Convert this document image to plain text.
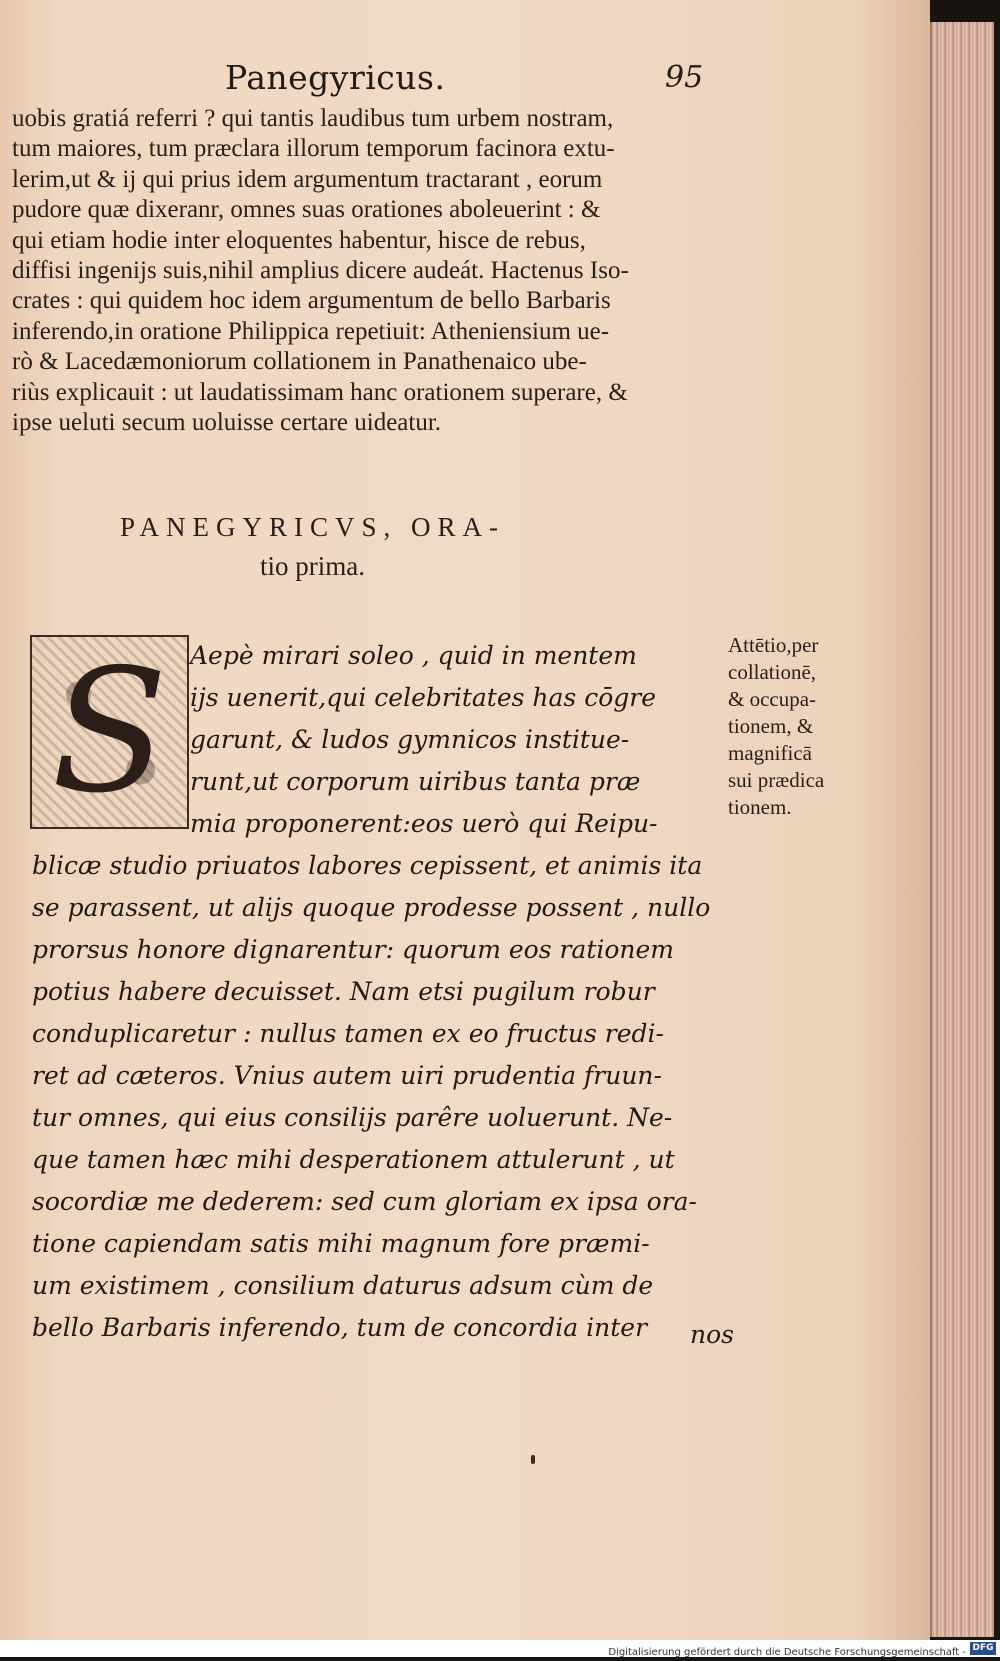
Panegyricus.	95
uobis gratiá referri ? qui tantis laudibus tum urbem nostram,
tum maiores, tum præclara illorum temporum facinora extu-
lerim,ut & ij qui prius idem argumentum tractarant , eorum
pudore quæ dixeranr, omnes suas orationes aboleuerint : &
qui etiam hodie inter eloquentes habentur, hisce de rebus,
diffisi ingenijs suis,nihil amplius dicere audeát. Hactenus Iso-
crates : qui quidem hoc idem argumentum de bello Barbaris
inferendo,in oratione Philippica repetiuit: Atheniensium ue-
rò & Lacedæmoniorum collationem in Panathenaico ube-
riùs explicauit : ut laudatissimam hanc orationem superare, &
ipse ueluti secum uoluisse certare uideatur.
PANEGYRICVS, ORA-
tio prima.
S Aepè mirari soleo , quid in mentem
ijs uenerit,qui celebritates has cōgre
garunt, & ludos gymnicos institue-
runt,ut corporum uiribus tanta præ
mia proponerent:eos uerò qui Reipu-
blicæ studio priuatos labores cepissent, et animis ita
se parassent, ut alijs quoque prodesse possent , nullo
prorsus honore dignarentur: quorum eos rationem
potius habere decuisset. Nam etsi pugilum robur
conduplicaretur : nullus tamen ex eo fructus redi-
ret ad cæteros. Vnius autem uiri prudentia fruun-
tur omnes, qui eius consilijs parêre uoluerunt. Ne-
que tamen hæc mihi desperationem attulerunt , ut
socordiæ me dederem: sed cum gloriam ex ipsa ora-
tione capiendam satis mihi magnum fore præmi-
um existimem , consilium daturus adsum cùm de
bello Barbaris inferendo, tum de concordia inter	nos
Attētio,per
collationē,
& occupa-
tionem, &
magnificā
sui prædica
tionem.
Digitalisierung gefördert durch die Deutsche Forschungsgemeinschaft - DFG
